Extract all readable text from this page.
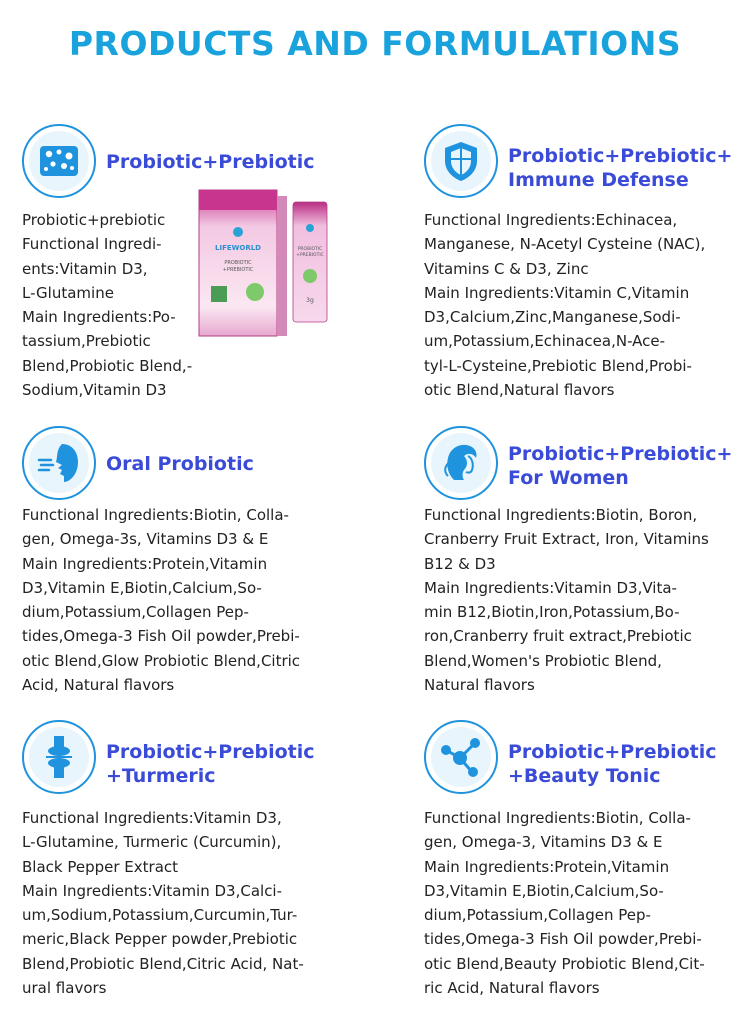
PRODUCTS AND FORMULATIONS
Probiotic+Prebiotic
Probiotic+prebiotic
Functional Ingredi-
ents:Vitamin D3,
L-Glutamine
Main Ingredients:Po-
tassium,Prebiotic
Blend,Probiotic Blend,-
Sodium,Vitamin D3
LIFEWORLD
PROBIOTIC
+PREBIOTIC
PROBIOTIC
+PREBIOTIC
3g
Probiotic+Prebiotic+
Immune Defense
Functional Ingredients:Echinacea,
Manganese, N-Acetyl Cysteine (NAC),
Vitamins C & D3, Zinc
Main Ingredients:Vitamin C,Vitamin
D3,Calcium,Zinc,Manganese,Sodi-
um,Potassium,Echinacea,N-Ace-
tyl-L-Cysteine,Prebiotic Blend,Probi-
otic Blend,Natural flavors
Oral Probiotic
Functional Ingredients:Biotin, Colla-
gen, Omega-3s, Vitamins D3 & E
Main Ingredients:Protein,Vitamin
D3,Vitamin E,Biotin,Calcium,So-
dium,Potassium,Collagen Pep-
tides,Omega-3 Fish Oil powder,Prebi-
otic Blend,Glow Probiotic Blend,Citric
Acid, Natural flavors
Probiotic+Prebiotic+
For Women
Functional Ingredients:Biotin, Boron,
Cranberry Fruit Extract, Iron, Vitamins
B12 & D3
Main Ingredients:Vitamin D3,Vita-
min B12,Biotin,Iron,Potassium,Bo-
ron,Cranberry fruit extract,Prebiotic
Blend,Women's Probiotic Blend,
Natural flavors
Probiotic+Prebiotic
+Turmeric
Functional Ingredients:Vitamin D3,
L-Glutamine, Turmeric (Curcumin),
Black Pepper Extract
Main Ingredients:Vitamin D3,Calci-
um,Sodium,Potassium,Curcumin,Tur-
meric,Black Pepper powder,Prebiotic
Blend,Probiotic Blend,Citric Acid, Nat-
ural flavors
Probiotic+Prebiotic
+Beauty Tonic
Functional Ingredients:Biotin, Colla-
gen, Omega-3, Vitamins D3 & E
Main Ingredients:Protein,Vitamin
D3,Vitamin E,Biotin,Calcium,So-
dium,Potassium,Collagen Pep-
tides,Omega-3 Fish Oil powder,Prebi-
otic Blend,Beauty Probiotic Blend,Cit-
ric Acid, Natural flavors
